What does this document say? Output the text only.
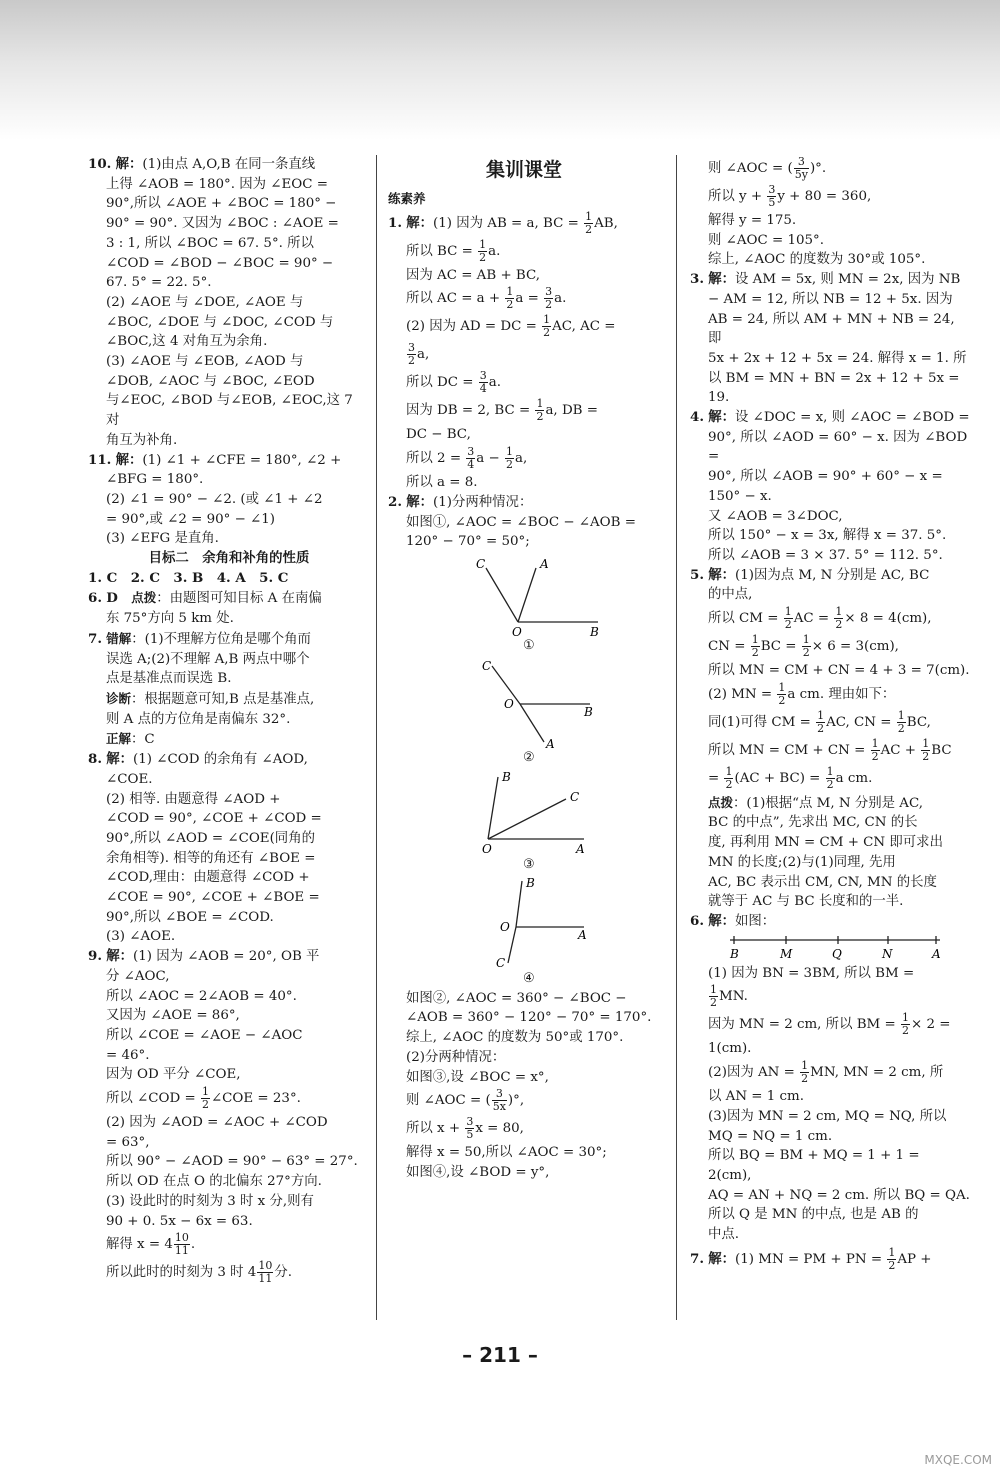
10. 解：(1)由点 A,O,B 在同一条直线

上得 ∠AOB = 180°. 因为 ∠EOC =

90°,所以 ∠AOE + ∠BOC = 180° −

90° = 90°. 又因为 ∠BOC : ∠AOE =

3 : 1, 所以 ∠BOC = 67. 5°. 所以

∠COD = ∠BOD − ∠BOC = 90° −

67. 5° = 22. 5°.

(2) ∠AOE 与 ∠DOE, ∠AOE 与

∠BOC, ∠DOE 与 ∠DOC, ∠COD 与

∠BOC,这 4 对角互为余角.

(3) ∠AOE 与 ∠EOB, ∠AOD 与

∠DOB, ∠AOC 与 ∠BOC, ∠EOD

与∠EOC, ∠BOD 与∠EOB, ∠EOC,这 7 对

角互为补角.

11. 解：(1) ∠1 + ∠CFE = 180°, ∠2 +

∠BFG = 180°.

(2) ∠1 = 90° − ∠2. (或 ∠1 + ∠2

= 90°,或 ∠2 = 90° − ∠1)

(3) ∠EFG 是直角.

目标二　余角和补角的性质

1. C　2. C　3. B　4. A　5. C

6. D　 点拨：由题图可知目标 A 在南偏

东 75°方向 5 km 处.

7. 错解：(1)不理解方位角是哪个角而

误选 A;(2)不理解 A,B 两点中哪个

点是基准点而误选 B.

诊断：根据题意可知,B 点是基准点,

则 A 点的方位角是南偏东 32°.

正解：C

8. 解：(1) ∠COD 的余角有 ∠AOD,

∠COE.

(2) 相等. 由题意得 ∠AOD +

∠COD = 90°, ∠COE + ∠COD =

90°,所以 ∠AOD = ∠COE(同角的

余角相等). 相等的角还有 ∠BOE =

∠COD,理由：由题意得 ∠COD +

∠COE = 90°, ∠COE + ∠BOE =

90°,所以 ∠BOE = ∠COD.

(3) ∠AOE.

9. 解：(1) 因为 ∠AOB = 20°, OB 平

分 ∠AOC,

所以 ∠AOC = 2∠AOB = 40°.

又因为 ∠AOE = 86°,

所以 ∠COE = ∠AOE − ∠AOC

= 46°.

因为 OD 平分 ∠COE,

所以 ∠COD = $\frac{1}{2}$ ∠COE = 23°.

(2) 因为 ∠AOD = ∠AOC + ∠COD

= 63°,

所以 90° − ∠AOD = 90° − 63° = 27°.

所以 OD 在点 O 的北偏东 27°方向.

(3) 设此时的时刻为 3 时 x 分,则有

90 + 0. 5x − 6x = 63.

解得 $x = 4 \frac{10}{11}$ .

所以此时的时刻为 3 时 $4 \frac{10}{11}$ 分.

集训课堂

练素养

1. 解：(1) 因为 AB = a, BC = $\frac{1}{2}$ AB,

所以 BC = $\frac{1}{2} a$.

因为 AC = AB + BC,

所以 AC = $a + \frac{1}{2}$ $a = \frac{3}{2} a$.

(2) 因为 AD = DC = $\frac{1}{2}$ AC, AC =

$\frac{3}{2} a$,

所以 DC = $\frac{3}{4} a$.

因为 DB = 2, BC = $\frac{1}{2} a$, DB =

DC − BC,

所以 $2 = \frac{3}{4}$ $a - \frac{1}{2} a$,

所以 a = 8.

2. 解：(1)分两种情况：

如图①, ∠AOC = ∠BOC − ∠AOB =

120° − 70° = 50°;

C	A
O	B
①
C
O
B
A
②
B
C
O	A
③
B
O
A
C
④

如图②, ∠AOC = 360° − ∠BOC −

∠AOB = 360° − 120° − 70° = 170°.

综上, ∠AOC 的度数为 50°或 170°.

(2)分两种情况：

如图③,设 ∠BOC = x°,

则 ∠AOC = ( $\frac{3}{5x}$ )°,

所以 $x + \frac{3}{5}$ x = 80,

解得 x = 50,所以 ∠AOC = 30°;

如图④,设 ∠BOD = y°,

则 ∠AOC = ( $\frac{3}{5y}$ )°.

所以 $y + \frac{3}{5}$ y + 80 = 360,

解得 y = 175.

则 ∠AOC = 105°.

综上, ∠AOC 的度数为 30°或 105°.

3. 解：设 AM = 5x, 则 MN = 2x, 因为 NB

− AM = 12, 所以 NB = 12 + 5x. 因为

AB = 24, 所以 AM + MN + NB = 24, 即

5x + 2x + 12 + 5x = 24. 解得 x = 1. 所

以 BM = MN + BN = 2x + 12 + 5x = 19.

4. 解：设 ∠DOC = x, 则 ∠AOC = ∠BOD =

90°, 所以 ∠AOD = 60° − x. 因为 ∠BOD =

90°, 所以 ∠AOB = 90° + 60° − x =

150° − x.

又 ∠AOB = 3∠DOC,

所以 150° − x = 3x, 解得 x = 37. 5°.

所以 ∠AOB = 3 × 37. 5° = 112. 5°.

5. 解：(1)因为点 M, N 分别是 AC, BC

的中点,

所以 CM = $\frac{1}{2}$ AC = $\frac{1}{2} \times 8 = 4(cm)$,

CN = $\frac{1}{2}$ BC = $\frac{1}{2} \times 6 = 3(cm)$,

所以 MN = CM + CN = 4 + 3 = 7(cm).

(2) MN = $\frac{1}{2}$ a cm. 理由如下：

同(1)可得 CM = $\frac{1}{2}$ AC, CN = $\frac{1}{2}$ BC,

所以 MN = CM + CN = $\frac{1}{2}$ AC + $\frac{1}{2}$ BC

= $\frac{1}{2} (AC + BC) = \frac{1}{2}$ a cm.

点拨：(1)根据“点 M, N 分别是 AC,

BC 的中点”, 先求出 MC, CN 的长

度, 再利用 MN = CM + CN 即可求出

MN 的长度;(2)与(1)同理, 先用

AC, BC 表示出 CM, CN, MN 的长度

就等于 AC 与 BC 长度和的一半.

6. 解：如图：

B	M	Q	N	A

(1) 因为 BN = 3BM, 所以 BM =

$\frac{1}{2}$ MN.

因为 MN = 2 cm, 所以 BM = $\frac{1}{2} \times 2$ =

1(cm).

(2)因为 AN = $\frac{1}{2}$ MN, MN = 2 cm, 所

以 AN = 1 cm.

(3)因为 MN = 2 cm, MQ = NQ, 所以

MQ = NQ = 1 cm.

所以 BQ = BM + MQ = 1 + 1 =

2(cm),

AQ = AN + NQ = 2 cm. 所以 BQ = QA.

所以 Q 是 MN 的中点, 也是 AB 的

中点.

7. 解：(1) MN = PM + PN = $\frac{1}{2}$ AP +

– 211 –
MXQE.COM
